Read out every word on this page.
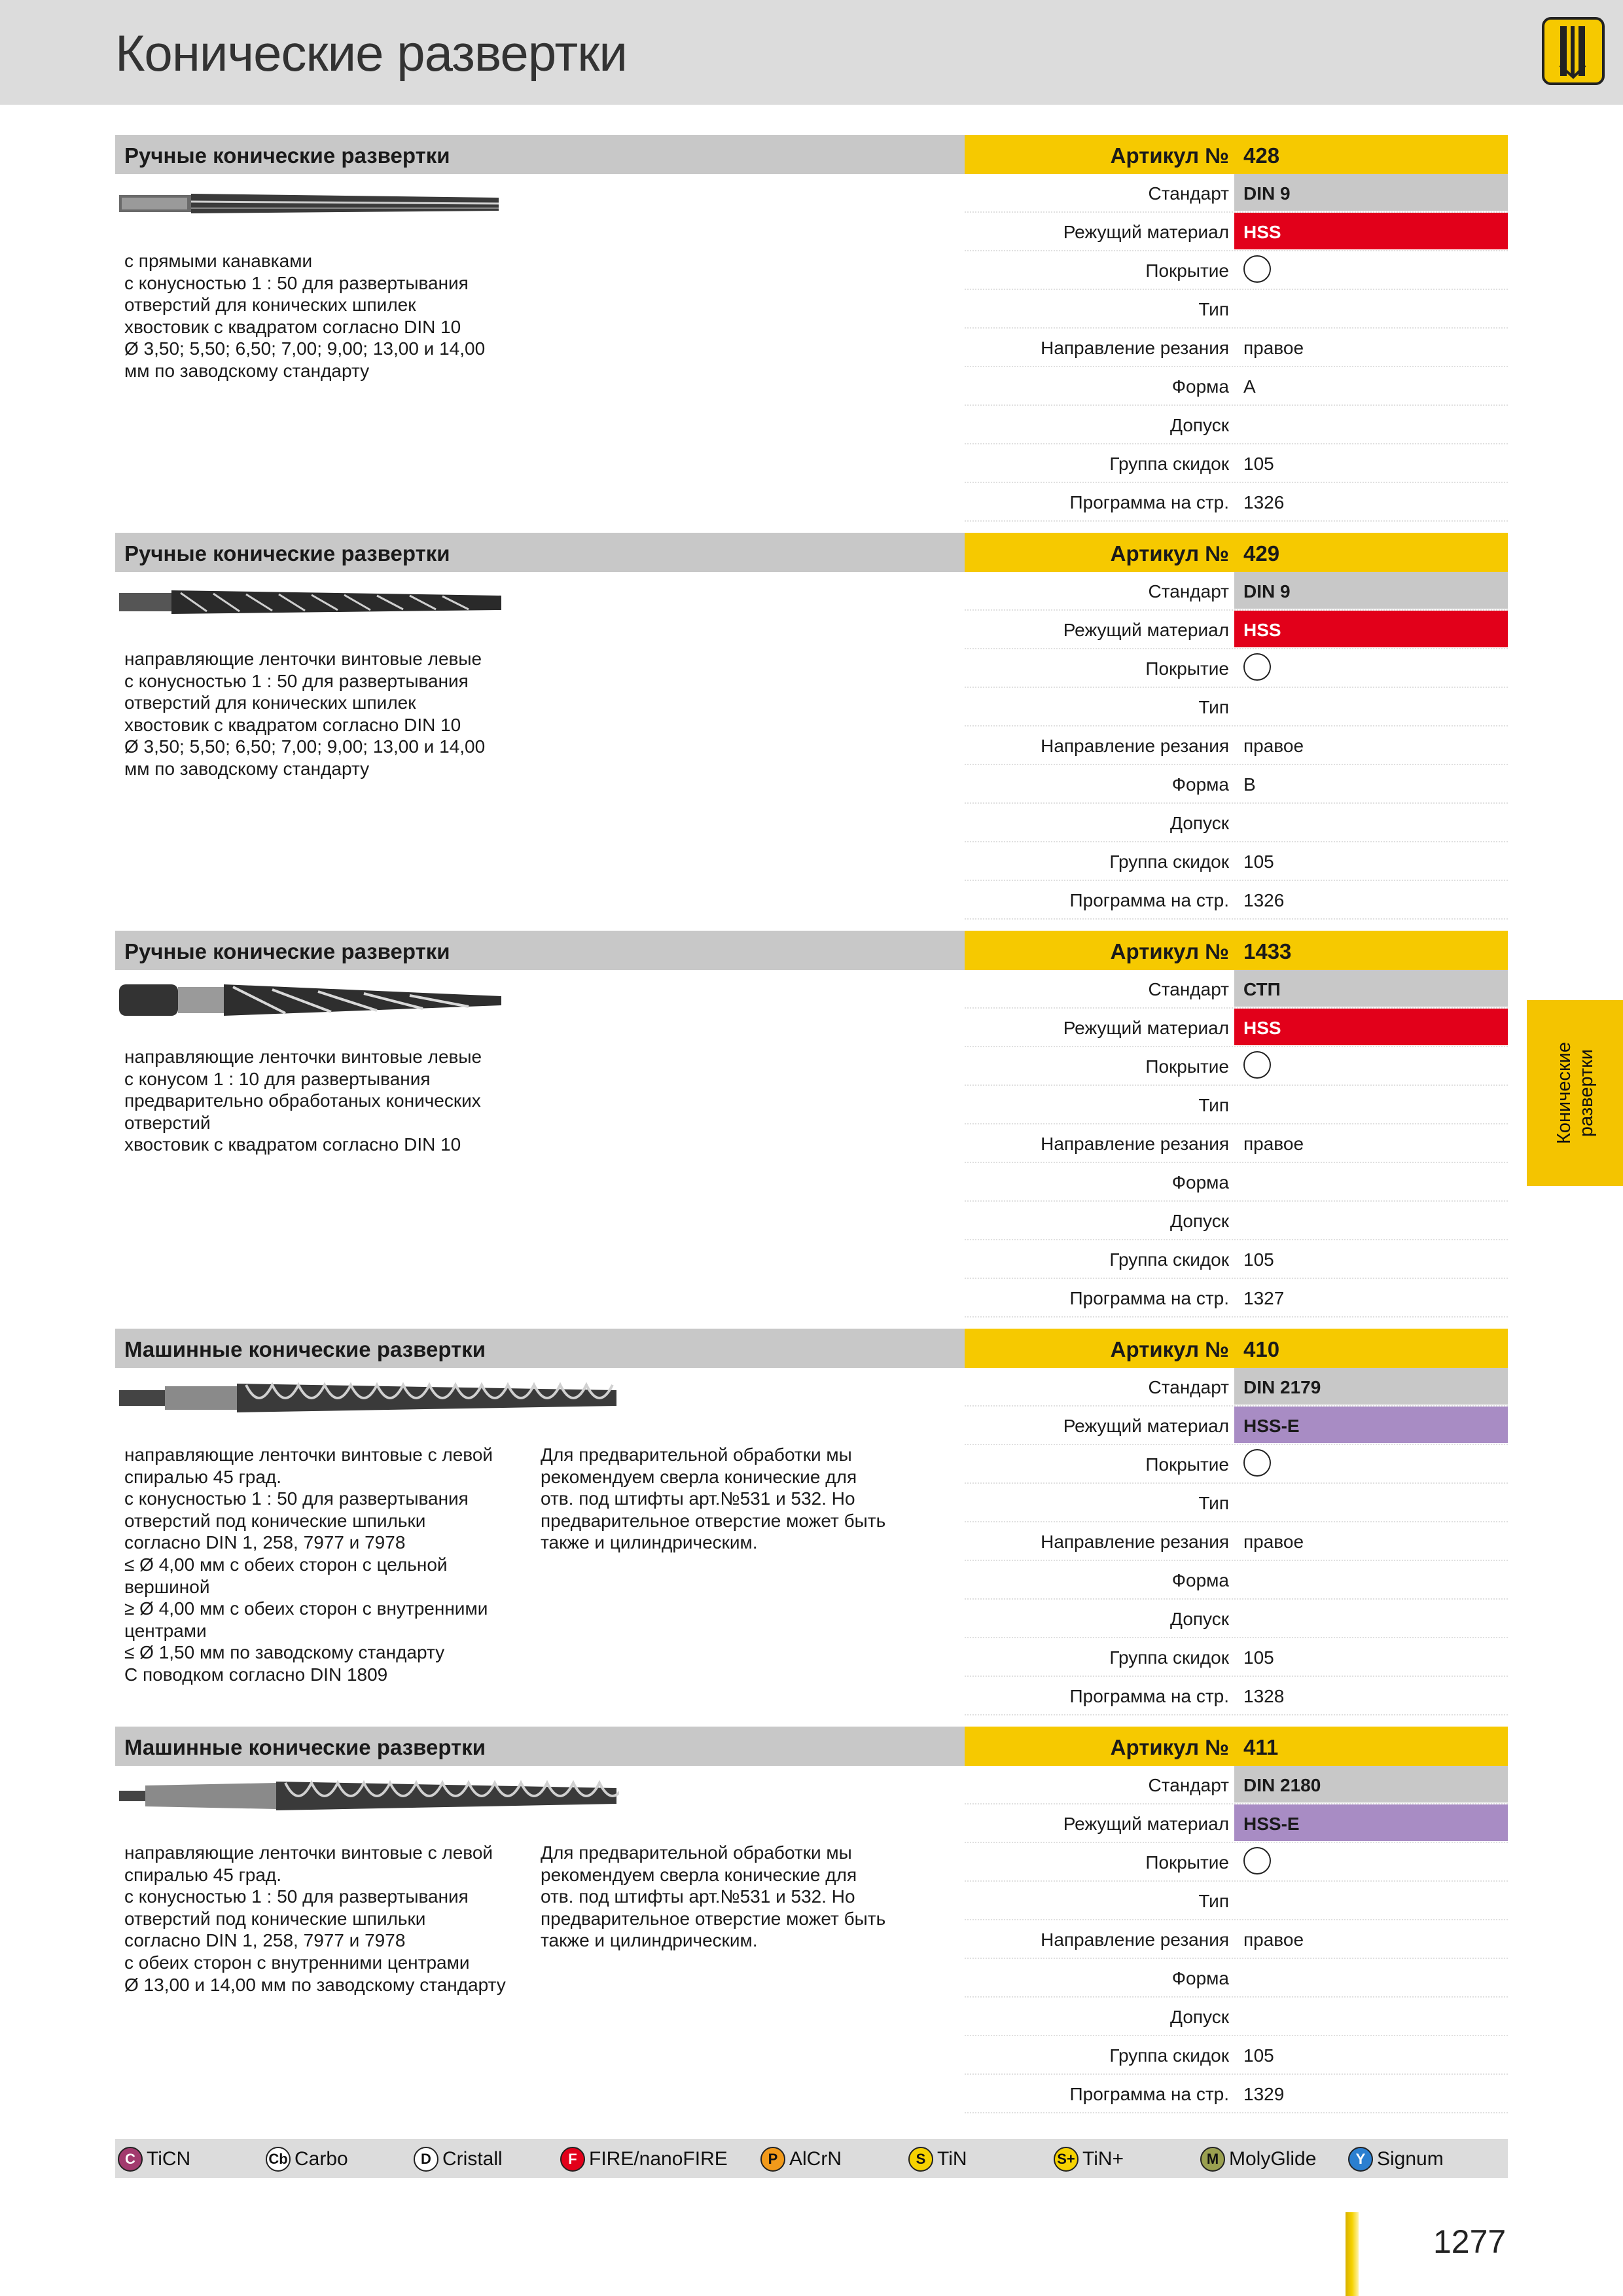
Конические развертки
Конические развертки
Ручные конические развертки	Артикул № 428
с прямыми канавками
с конусностью 1 : 50 для развертывания
отверстий для конических шпилек
хвостовик с квадратом согласно DIN 10
Ø 3,50; 5,50; 6,50; 7,00; 9,00; 13,00 и 14,00
мм по заводскому стандарту
Стандарт DIN 9
Режущий материал HSS
Покрытие
Тип
Направление резания правое
Форма A
Допуск
Группа скидок 105
Программа на стр. 1326
Ручные конические развертки	Артикул № 429
направляющие ленточки винтовые левые
с конусностью 1 : 50 для развертывания
отверстий для конических шпилек
хвостовик с квадратом согласно DIN 10
Ø 3,50; 5,50; 6,50; 7,00; 9,00; 13,00 и 14,00
мм по заводскому стандарту
Стандарт DIN 9
Режущий материал HSS
Покрытие
Тип
Направление резания правое
Форма B
Допуск
Группа скидок 105
Программа на стр. 1326
Ручные конические развертки	Артикул № 1433
направляющие ленточки винтовые левые
с конусом 1 : 10 для развертывания
предварительно обработаных конических
отверстий
хвостовик с квадратом согласно DIN 10
Стандарт СТП
Режущий материал HSS
Покрытие
Тип
Направление резания правое
Форма
Допуск
Группа скидок 105
Программа на стр. 1327
Машинные конические развертки	Артикул № 410
направляющие ленточки винтовые с левой
спиралью 45 град.
с конусностью 1 : 50 для развертывания
отверстий под конические шпильки
согласно DIN 1, 258, 7977 и 7978
≤ Ø 4,00 мм с обеих сторон с цельной
вершиной
≥ Ø 4,00 мм с обеих сторон с внутренними
центрами
≤ Ø 1,50 мм по заводскому стандарту
С поводком согласно DIN 1809
Для предварительной обработки мы
рекомендуем сверла конические для
отв. под штифты арт.№531 и 532. Но
предварительное отверстие может быть
также и цилиндрическим.
Стандарт DIN 2179
Режущий материал HSS-E
Покрытие
Тип
Направление резания правое
Форма
Допуск
Группа скидок 105
Программа на стр. 1328
Машинные конические развертки	Артикул № 411
направляющие ленточки винтовые с левой
спиралью 45 град.
с конусностью 1 : 50 для развертывания
отверстий под конические шпильки
согласно DIN 1, 258, 7977 и 7978
с обеих сторон с внутренними центрами
Ø 13,00 и 14,00 мм по заводскому стандарту
Для предварительной обработки мы
рекомендуем сверла конические для
отв. под штифты арт.№531 и 532. Но
предварительное отверстие может быть
также и цилиндрическим.
Стандарт DIN 2180
Режущий материал HSS-E
Покрытие
Тип
Направление резания правое
Форма
Допуск
Группа скидок 105
Программа на стр. 1329
C TiCN	Cb Carbo	D Cristall	F FIRE/nanoFIRE	P AlCrN	S TiN	S+ TiN+	M MolyGlide	Y Signum
1277
